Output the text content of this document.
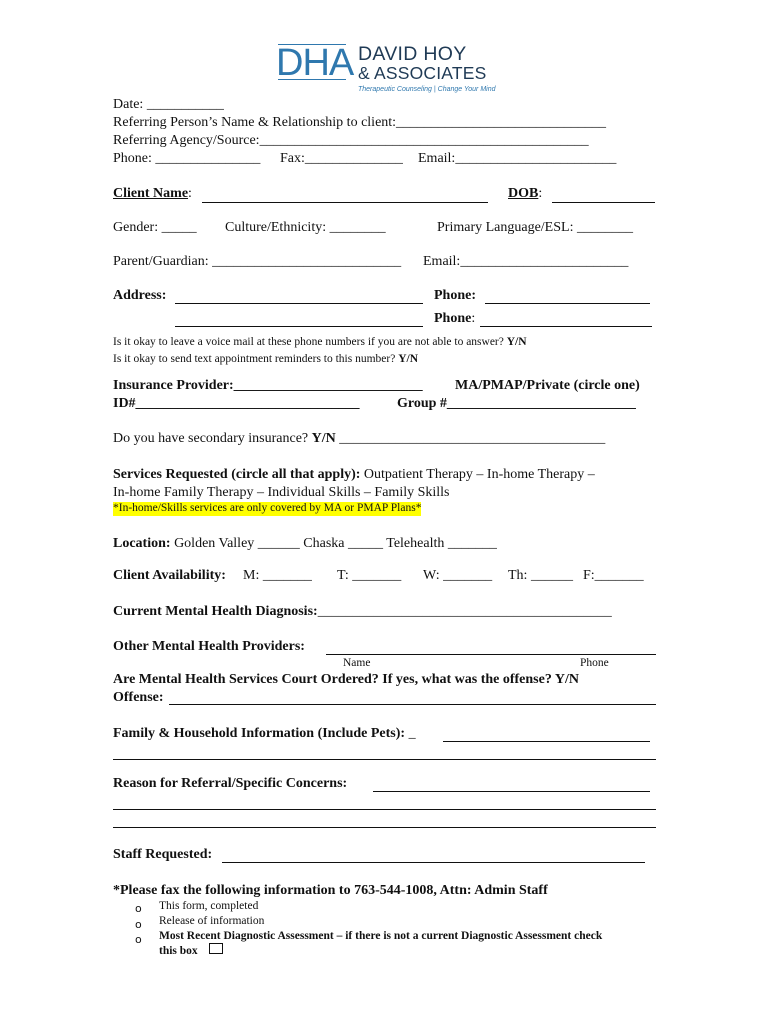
DHA DAVID HOY
& ASSOCIATES
Therapeutic Counseling | Change Your Mind
Date: ___________
Referring Person’s Name & Relationship to client:______________________________
Referring Agency/Source:_______________________________________________
Phone: _______________ Fax:______________ Email:_______________________
Client Name:	DOB:
Gender: _____ Culture/Ethnicity: ________	Primary Language/ESL: ________
Parent/Guardian: ___________________________ Email:________________________
Address:	Phone:
Phone:
Is it okay to leave a voice mail at these phone numbers if you are not able to answer? Y/N
Is it okay to send text appointment reminders to this number? Y/N
Insurance Provider:___________________________ MA/PMAP/Private (circle one)
ID#________________________________	Group #___________________________
Do you have secondary insurance? Y/N ______________________________________
Services Requested (circle all that apply): Outpatient Therapy – In-home Therapy –
In-home Family Therapy – Individual Skills – Family Skills
*In-home/Skills services are only covered by MA or PMAP Plans*
Location: Golden Valley ______ Chaska _____ Telehealth _______
Client Availability: M: _______ T: _______ W: _______ Th: ______ F:_______
Current Mental Health Diagnosis:__________________________________________
Other Mental Health Providers:
Name	Phone
Are Mental Health Services Court Ordered? If yes, what was the offense? Y/N
Offense:
Family & Household Information (Include Pets): _
Reason for Referral/Specific Concerns:
Staff Requested:
*Please fax the following information to 763-544-1008, Attn: Admin Staff
o This form, completed
o Release of information
o Most Recent Diagnostic Assessment – if there is not a current Diagnostic Assessment check
this box
